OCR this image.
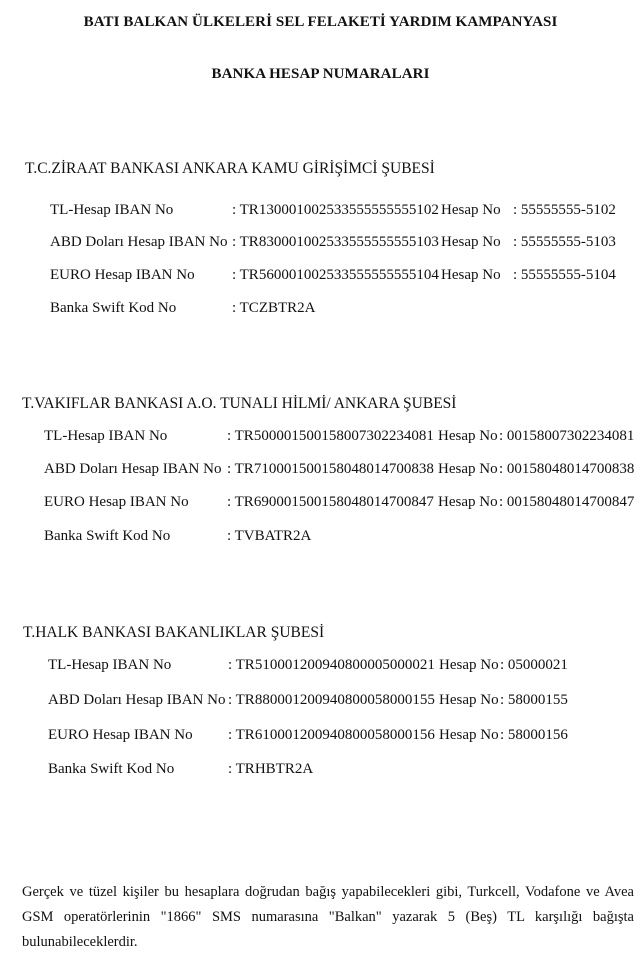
BATI BALKAN ÜLKELERİ SEL FELAKETİ YARDIM KAMPANYASI
BANKA HESAP NUMARALARI
T.C.ZİRAAT BANKASI ANKARA KAMU GİRİŞİMCİ ŞUBESİ
TL-Hesap IBAN No	: TR130001002533555555555102 Hesap No : 55555555-5102
ABD Doları Hesap IBAN No : TR830001002533555555555103 Hesap No : 55555555-5103
EURO Hesap IBAN No : TR560001002533555555555104 Hesap No : 55555555-5104
Banka Swift Kod No	: TCZBTR2A
T.VAKIFLAR BANKASI A.O. TUNALI HİLMİ/ ANKARA ŞUBESİ
TL-Hesap IBAN No	: TR500001500158007302234081 Hesap No : 00158007302234081
ABD Doları Hesap IBAN No : TR710001500158048014700838 Hesap No : 00158048014700838
EURO Hesap IBAN No	: TR690001500158048014700847 Hesap No : 00158048014700847
Banka Swift Kod No	: TVBATR2A
T.HALK BANKASI BAKANLIKLAR ŞUBESİ
TL-Hesap IBAN No	: TR510001200940800005000021 Hesap No : 05000021
ABD Doları Hesap IBAN No : TR880001200940800058000155 Hesap No : 58000155
EURO Hesap IBAN No : TR610001200940800058000156 Hesap No : 58000156
Banka Swift Kod No	: TRHBTR2A
Gerçek ve tüzel kişiler bu hesaplara doğrudan bağış yapabilecekleri gibi, Turkcell, Vodafone ve Avea GSM operatörlerinin "1866" SMS numarasına "Balkan" yazarak 5 (Beş) TL karşılığı bağışta bulunabileceklerdir.
